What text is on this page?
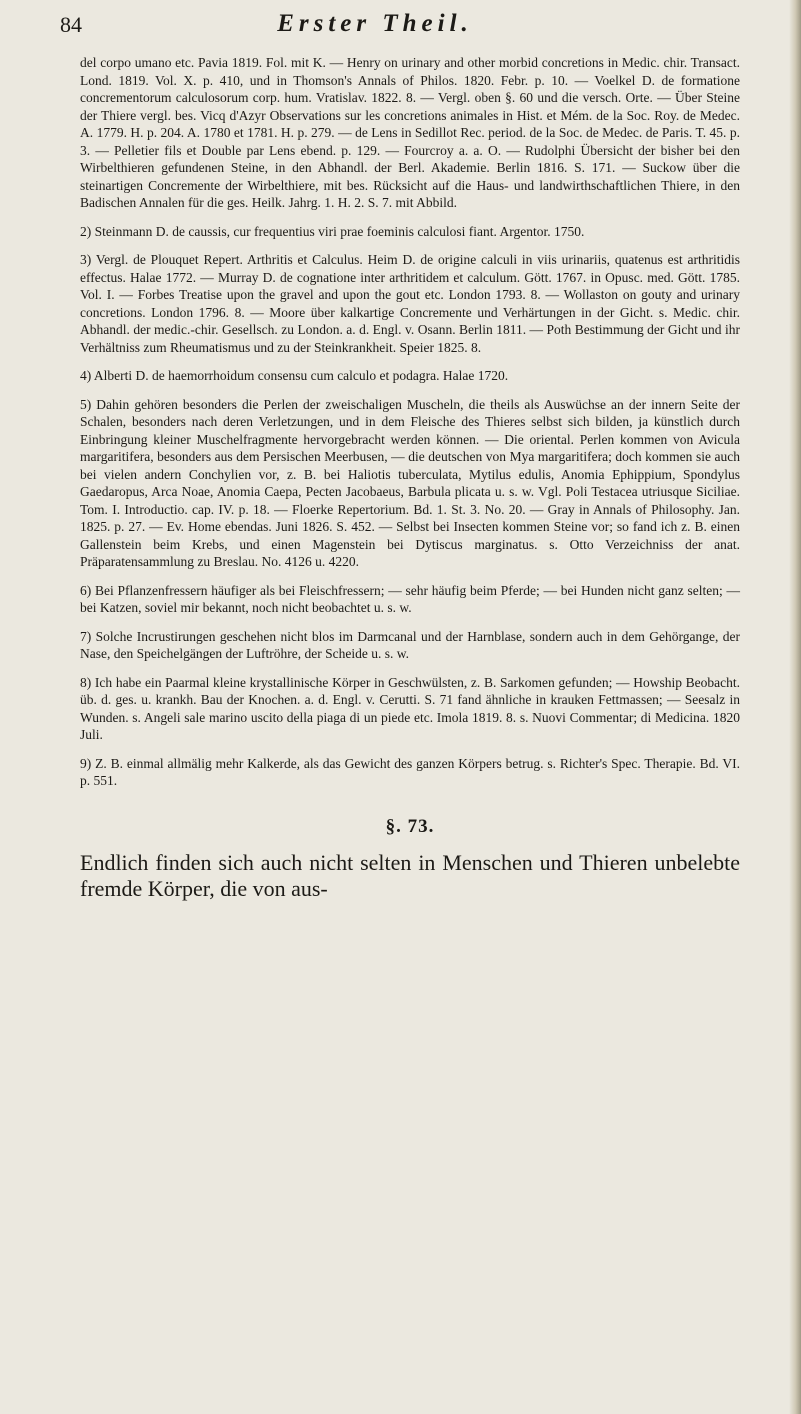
84	Erster Theil.

del corpo umano etc. Pavia 1819. Fol. mit K. — Henry on urinary and other morbid concretions in Medic. chir. Transact. Lond. 1819. Vol. X. p. 410, und in Thomson's Annals of Philos. 1820. Febr. p. 10. — Voelkel D. de formatione concrementorum calculosorum corp. hum. Vratislav. 1822. 8. — Vergl. oben §. 60 und die versch. Orte. — Über Steine der Thiere vergl. bes. Vicq d'Azyr Observations sur les concretions animales in Hist. et Mém. de la Soc. Roy. de Medec. A. 1779. H. p. 204. A. 1780 et 1781. H. p. 279. — de Lens in Sedillot Rec. period. de la Soc. de Medec. de Paris. T. 45. p. 3. — Pelletier fils et Double par Lens ebend. p. 129. — Fourcroy a. a. O. — Rudolphi Übersicht der bisher bei den Wirbelthieren gefundenen Steine, in den Abhandl. der Berl. Akademie. Berlin 1816. S. 171. — Suckow über die steinartigen Concremente der Wirbelthiere, mit bes. Rücksicht auf die Haus- und landwirthschaftlichen Thiere, in den Badischen Annalen für die ges. Heilk. Jahrg. 1. H. 2. S. 7. mit Abbild.

2) Steinmann D. de caussis, cur frequentius viri prae foeminis calculosi fiant. Argentor. 1750.

3) Vergl. de Plouquet Repert. Arthritis et Calculus. Heim D. de origine calculi in viis urinariis, quatenus est arthritidis effectus. Halae 1772. — Murray D. de cognatione inter arthritidem et calculum. Gött. 1767. in Opusc. med. Gött. 1785. Vol. I. — Forbes Treatise upon the gravel and upon the gout etc. London 1793. 8. — Wollaston on gouty and urinary concretions. London 1796. 8. — Moore über kalkartige Concremente und Verhärtungen in der Gicht. s. Medic. chir. Abhandl. der medic.-chir. Gesellsch. zu London. a. d. Engl. v. Osann. Berlin 1811. — Poth Bestimmung der Gicht und ihr Verhältniss zum Rheumatismus und zu der Steinkrankheit. Speier 1825. 8.

4) Alberti D. de haemorrhoidum consensu cum calculo et podagra. Halae 1720.

5) Dahin gehören besonders die Perlen der zweischaligen Muscheln, die theils als Auswüchse an der innern Seite der Schalen, besonders nach deren Verletzungen, und in dem Fleische des Thieres selbst sich bilden, ja künstlich durch Einbringung kleiner Muschelfragmente hervorgebracht werden können. — Die oriental. Perlen kommen von Avicula margaritifera, besonders aus dem Persischen Meerbusen, — die deutschen von Mya margaritifera; doch kommen sie auch bei vielen andern Conchylien vor, z. B. bei Haliotis tuberculata, Mytilus edulis, Anomia Ephippium, Spondylus Gaedaropus, Arca Noae, Anomia Caepa, Pecten Jacobaeus, Barbula plicata u. s. w. Vgl. Poli Testacea utriusque Siciliae. Tom. I. Introductio. cap. IV. p. 18. — Floerke Repertorium. Bd. 1. St. 3. No. 20. — Gray in Annals of Philosophy. Jan. 1825. p. 27. — Ev. Home ebendas. Juni 1826. S. 452. — Selbst bei Insecten kommen Steine vor; so fand ich z. B. einen Gallenstein beim Krebs, und einen Magenstein bei Dytiscus marginatus. s. Otto Verzeichniss der anat. Präparatensammlung zu Breslau. No. 4126 u. 4220.

6) Bei Pflanzenfressern häufiger als bei Fleischfressern; — sehr häufig beim Pferde; — bei Hunden nicht ganz selten; — bei Katzen, soviel mir bekannt, noch nicht beobachtet u. s. w.

7) Solche Incrustirungen geschehen nicht blos im Darmcanal und der Harnblase, sondern auch in dem Gehörgange, der Nase, den Speichelgängen der Luftröhre, der Scheide u. s. w.

8) Ich habe ein Paarmal kleine krystallinische Körper in Geschwülsten, z. B. Sarkomen gefunden; — Howship Beobacht. üb. d. ges. u. krankh. Bau der Knochen. a. d. Engl. v. Cerutti. S. 71 fand ähnliche in krauken Fettmassen; — Seesalz in Wunden. s. Angeli sale marino uscito della piaga di un piede etc. Imola 1819. 8. s. Nuovi Commentar; di Medicina. 1820 Juli.

9) Z. B. einmal allmälig mehr Kalkerde, als das Gewicht des ganzen Körpers betrug. s. Richter's Spec. Therapie. Bd. VI. p. 551.

§. 73.

Endlich finden sich auch nicht selten in Menschen und Thieren unbelebte fremde Körper, die von aus-
